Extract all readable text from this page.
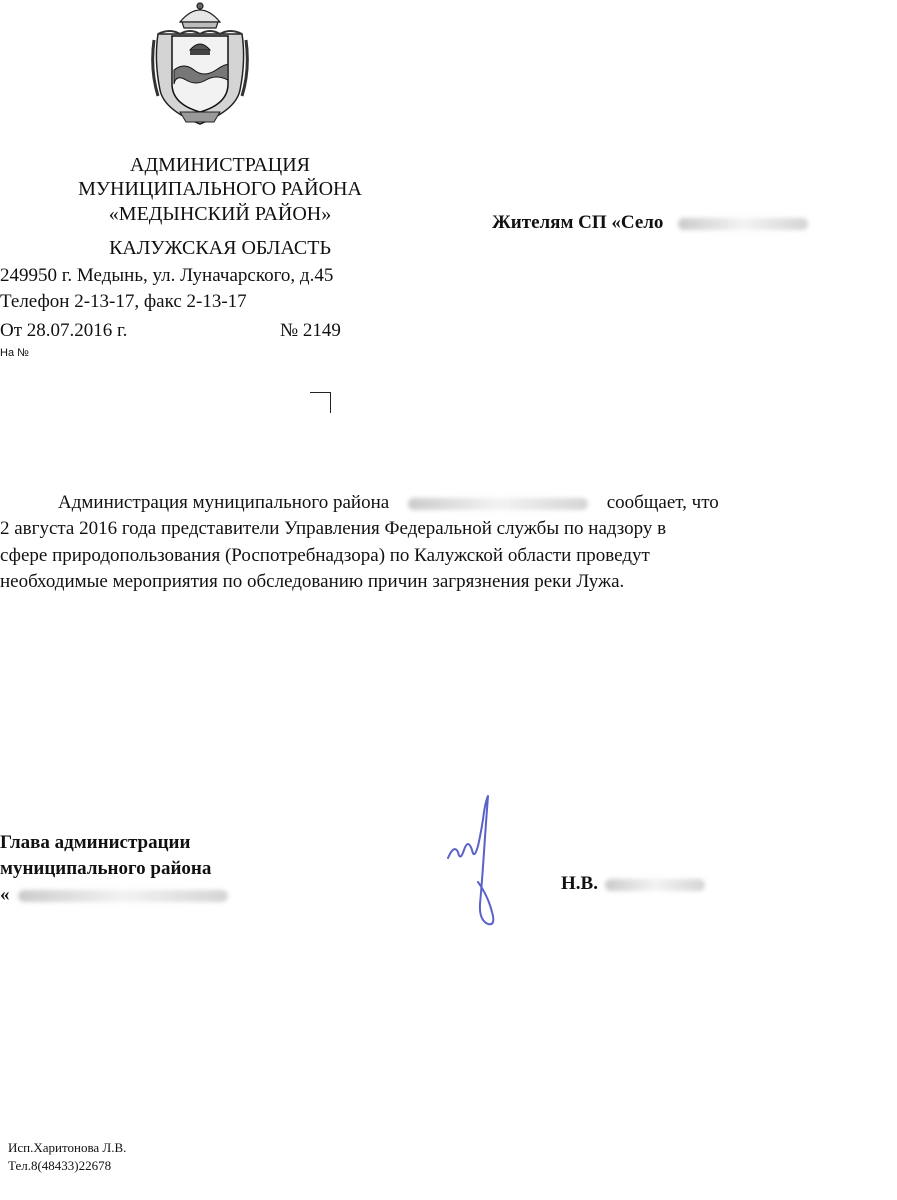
АДМИНИСТРАЦИЯ
МУНИЦИПАЛЬНОГО РАЙОНА
«МЕДЫНСКИЙ РАЙОН»
КАЛУЖСКАЯ ОБЛАСТЬ
249950 г. Медынь, ул. Луначарского, д.45
Телефон 2-13-17, факс 2-13-17
От 28.07.2016 г.	№ 2149
На №
Жителям СП «Село
Администрация муниципального района	сообщает, что
2 августа 2016 года представители Управления Федеральной службы по надзору в
сфере природопользования (Роспотребнадзора) по Калужской области проведут
необходимые мероприятия по обследованию причин загрязнения реки Лужа.
Глава администрации
муниципального района
«
Н.В.
Исп.Харитонова Л.В.
Тел.8(48433)22678
